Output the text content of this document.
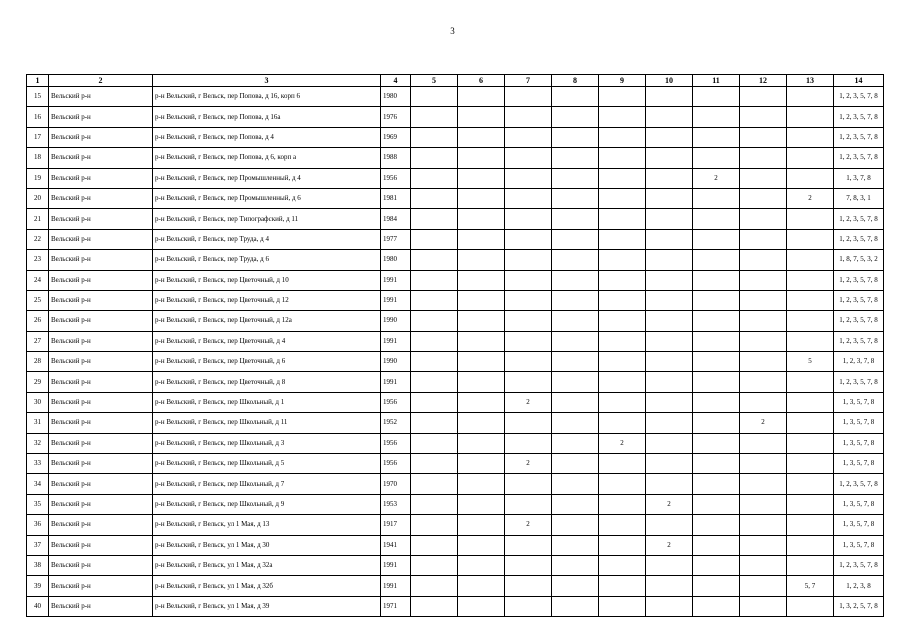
3
1	2	3	4	5	6	7	8	9	10	11	12	13	14
15	Вельский р-н	р-н Вельский, г Вельск, пер Попова, д 16, корп 6	1980										1, 2, 3, 5, 7, 8
16	Вельский р-н	р-н Вельский, г Вельск, пер Попова, д 16а	1976										1, 2, 3, 5, 7, 8
17	Вельский р-н	р-н Вельский, г Вельск, пер Попова, д 4	1969										1, 2, 3, 5, 7, 8
18	Вельский р-н	р-н Вельский, г Вельск, пер Попова, д 6, корп а	1988										1, 2, 3, 5, 7, 8
19	Вельский р-н	р-н Вельский, г Вельск, пер Промышленный, д 4	1956							2			1, 3, 7, 8
20	Вельский р-н	р-н Вельский, г Вельск, пер Промышленный, д 6	1981									2	7, 8, 3, 1
21	Вельский р-н	р-н Вельский, г Вельск, пер Типографский, д 11	1984										1, 2, 3, 5, 7, 8
22	Вельский р-н	р-н Вельский, г Вельск, пер Труда, д 4	1977										1, 2, 3, 5, 7, 8
23	Вельский р-н	р-н Вельский, г Вельск, пер Труда, д 6	1980										1, 8, 7, 5, 3, 2
24	Вельский р-н	р-н Вельский, г Вельск, пер Цветочный, д 10	1991										1, 2, 3, 5, 7, 8
25	Вельский р-н	р-н Вельский, г Вельск, пер Цветочный, д 12	1991										1, 2, 3, 5, 7, 8
26	Вельский р-н	р-н Вельский, г Вельск, пер Цветочный, д 12а	1990										1, 2, 3, 5, 7, 8
27	Вельский р-н	р-н Вельский, г Вельск, пер Цветочный, д 4	1991										1, 2, 3, 5, 7, 8
28	Вельский р-н	р-н Вельский, г Вельск, пер Цветочный, д 6	1990									5	1, 2, 3, 7, 8
29	Вельский р-н	р-н Вельский, г Вельск, пер Цветочный, д 8	1991										1, 2, 3, 5, 7, 8
30	Вельский р-н	р-н Вельский, г Вельск, пер Школьный, д 1	1956			2							1, 3, 5, 7, 8
31	Вельский р-н	р-н Вельский, г Вельск, пер Школьный, д 11	1952								2		1, 3, 5, 7, 8
32	Вельский р-н	р-н Вельский, г Вельск, пер Школьный, д 3	1956					2					1, 3, 5, 7, 8
33	Вельский р-н	р-н Вельский, г Вельск, пер Школьный, д 5	1956			2							1, 3, 5, 7, 8
34	Вельский р-н	р-н Вельский, г Вельск, пер Школьный, д 7	1970										1, 2, 3, 5, 7, 8
35	Вельский р-н	р-н Вельский, г Вельск, пер Школьный, д 9	1953						2				1, 3, 5, 7, 8
36	Вельский р-н	р-н Вельский, г Вельск, ул 1 Мая, д 13	1917			2							1, 3, 5, 7, 8
37	Вельский р-н	р-н Вельский, г Вельск, ул 1 Мая, д 30	1941						2				1, 3, 5, 7, 8
38	Вельский р-н	р-н Вельский, г Вельск, ул 1 Мая, д 32а	1991										1, 2, 3, 5, 7, 8
39	Вельский р-н	р-н Вельский, г Вельск, ул 1 Мая, д 32б	1991									5, 7	1, 2, 3, 8
40	Вельский р-н	р-н Вельский, г Вельск, ул 1 Мая, д 39	1971										1, 3, 2, 5, 7, 8
